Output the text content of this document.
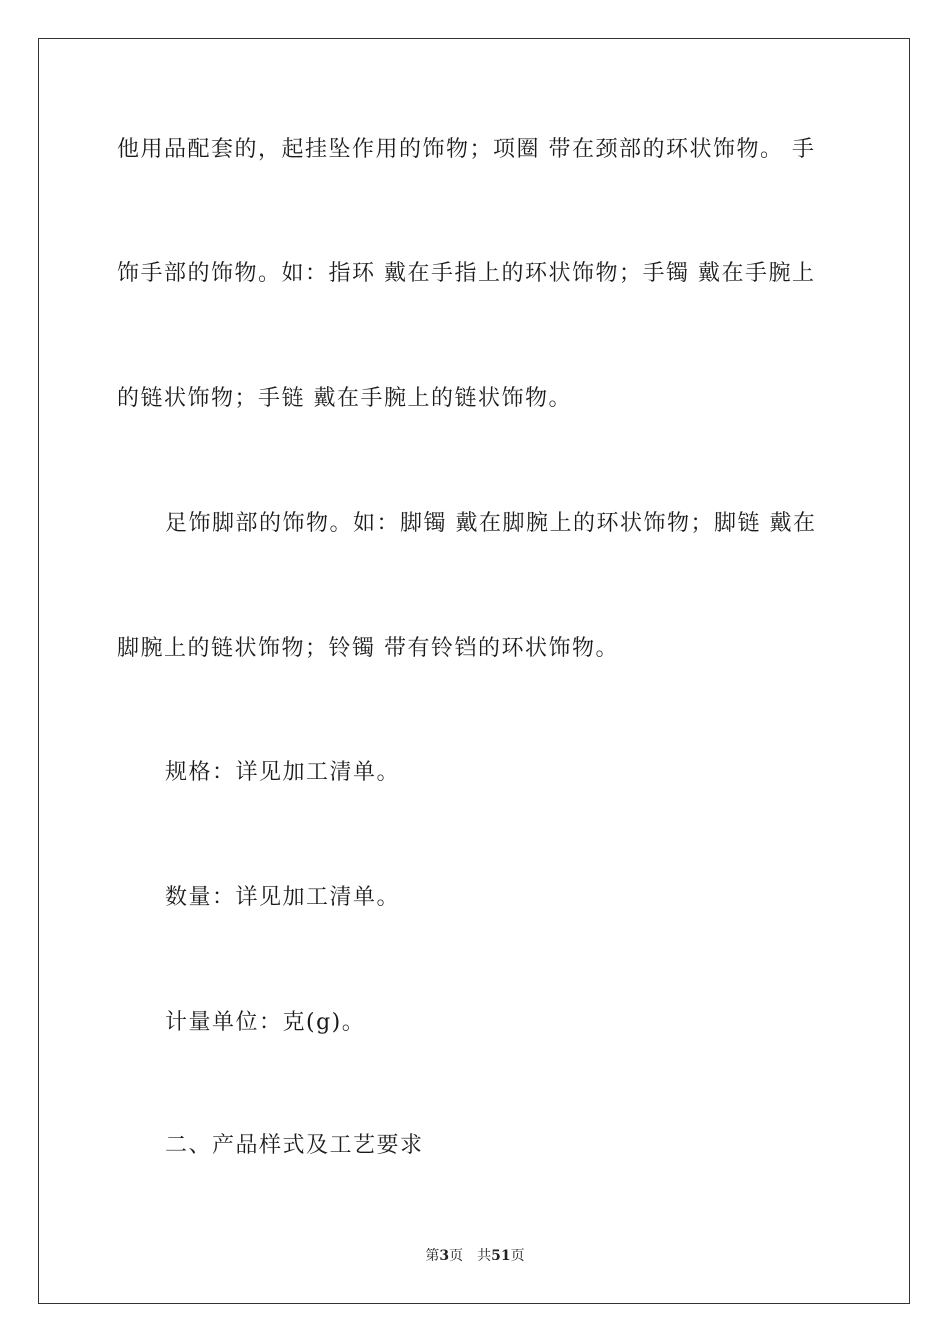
他用品配套的，起挂坠作用的饰物；项圈 带在颈部的环状饰物。 手
饰手部的饰物。如：指环 戴在手指上的环状饰物；手镯 戴在手腕上
的链状饰物；手链 戴在手腕上的链状饰物。
足饰脚部的饰物。如：脚镯 戴在脚腕上的环状饰物；脚链 戴在
脚腕上的链状饰物；铃镯 带有铃铛的环状饰物。
规格：详见加工清单。
数量：详见加工清单。
计量单位：克(g)。
二、产品样式及工艺要求
第3页 共51页
